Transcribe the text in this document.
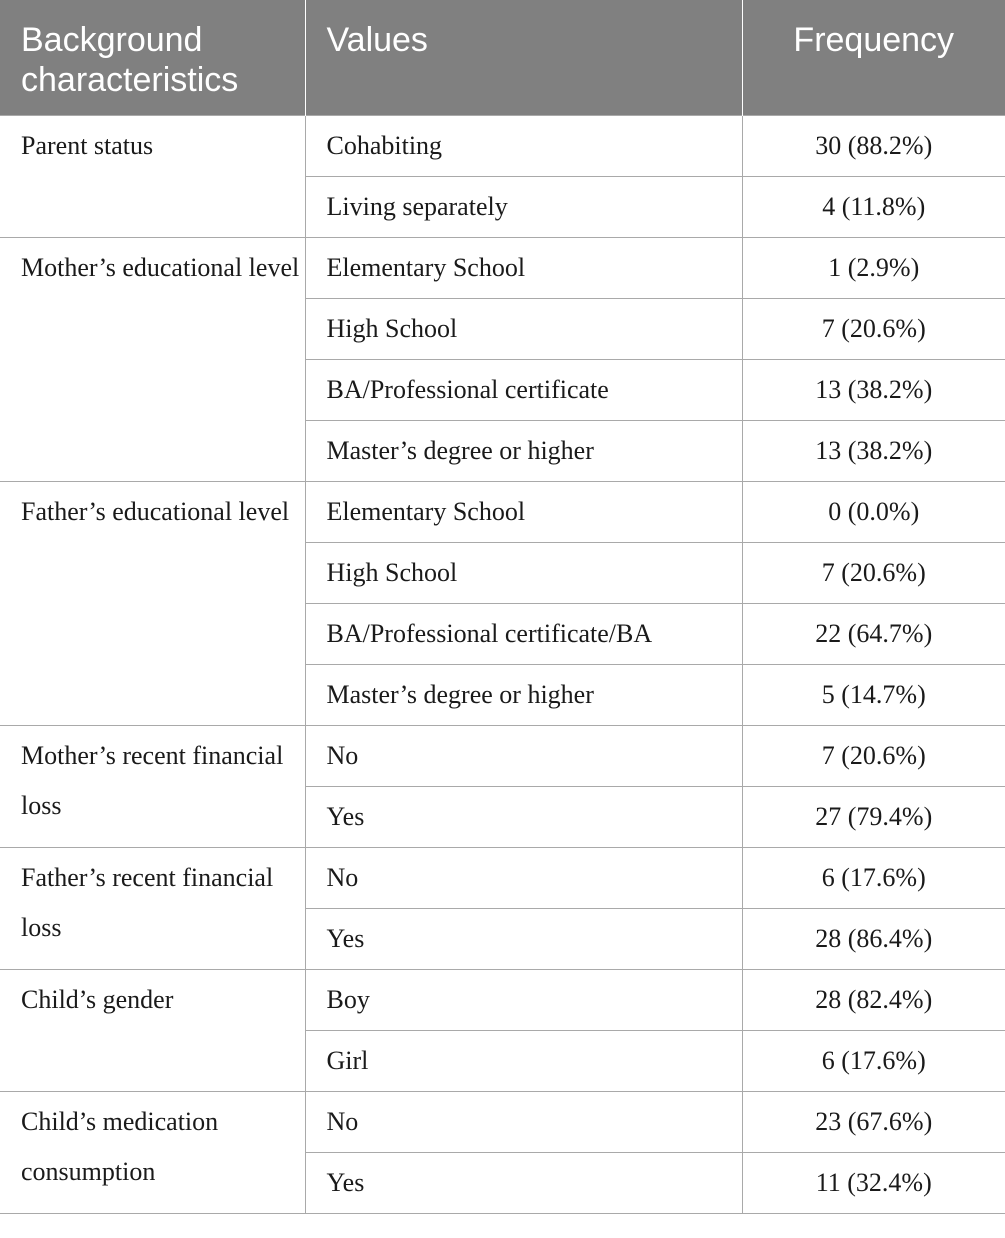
Background characteristics	Values	Frequency
Parent status	Cohabiting	30 (88.2%)
	Living separately	4 (11.8%)
Mother’s educational level	Elementary School	1 (2.9%)
	High School	7 (20.6%)
	BA/Professional certificate	13 (38.2%)
	Master’s degree or higher	13 (38.2%)
Father’s educational level	Elementary School	0 (0.0%)
	High School	7 (20.6%)
	BA/Professional certificate/BA	22 (64.7%)
	Master’s degree or higher	5 (14.7%)
Mother’s recent financial loss	No	7 (20.6%)
	Yes	27 (79.4%)
Father’s recent financial loss	No	6 (17.6%)
	Yes	28 (86.4%)
Child’s gender	Boy	28 (82.4%)
	Girl	6 (17.6%)
Child’s medication consumption	No	23 (67.6%)
	Yes	11 (32.4%)
